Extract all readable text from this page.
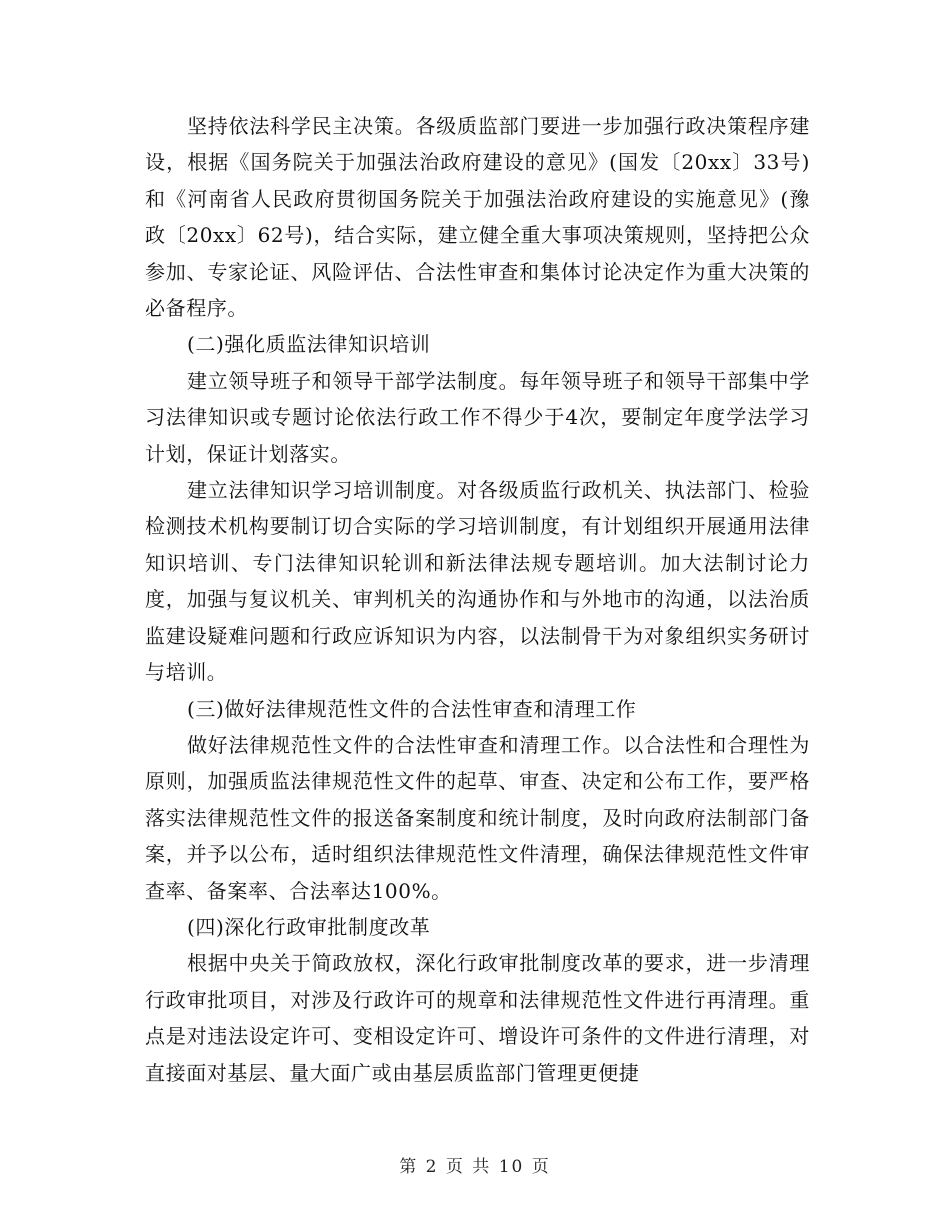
坚持依法科学民主决策。各级质监部门要进一步加强行政决策程序建设，根据《国务院关于加强法治政府建设的意见》(国发〔20xx〕33号)和《河南省人民政府贯彻国务院关于加强法治政府建设的实施意见》(豫政〔20xx〕62号)，结合实际，建立健全重大事项决策规则，坚持把公众参加、专家论证、风险评估、合法性审查和集体讨论决定作为重大决策的必备程序。

(二)强化质监法律知识培训

建立领导班子和领导干部学法制度。每年领导班子和领导干部集中学习法律知识或专题讨论依法行政工作不得少于4次，要制定年度学法学习计划，保证计划落实。

建立法律知识学习培训制度。对各级质监行政机关、执法部门、检验检测技术机构要制订切合实际的学习培训制度，有计划组织开展通用法律知识培训、专门法律知识轮训和新法律法规专题培训。加大法制讨论力度，加强与复议机关、审判机关的沟通协作和与外地市的沟通，以法治质监建设疑难问题和行政应诉知识为内容，以法制骨干为对象组织实务研讨与培训。

(三)做好法律规范性文件的合法性审查和清理工作

做好法律规范性文件的合法性审查和清理工作。以合法性和合理性为原则，加强质监法律规范性文件的起草、审查、决定和公布工作，要严格落实法律规范性文件的报送备案制度和统计制度，及时向政府法制部门备案，并予以公布，适时组织法律规范性文件清理，确保法律规范性文件审查率、备案率、合法率达100%。

(四)深化行政审批制度改革

根据中央关于简政放权，深化行政审批制度改革的要求，进一步清理行政审批项目，对涉及行政许可的规章和法律规范性文件进行再清理。重点是对违法设定许可、变相设定许可、增设许可条件的文件进行清理，对直接面对基层、量大面广或由基层质监部门管理更便捷

第 2 页 共 10 页
